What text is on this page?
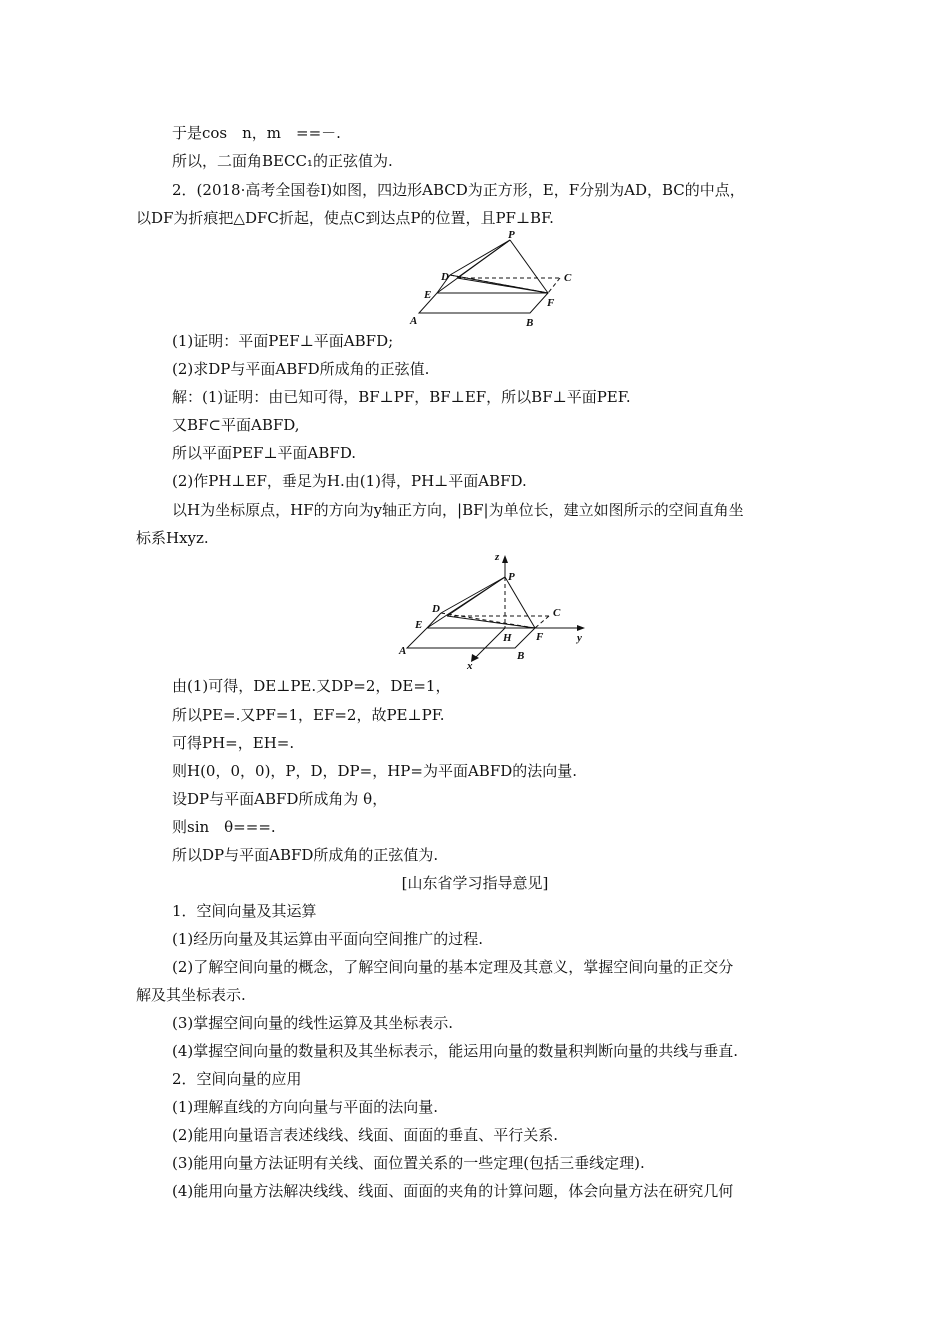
于是cos　n，m　==－.
所以，二面角BECC₁的正弦值为.
2．(2018·高考全国卷Ⅰ)如图，四边形ABCD为正方形，E，F分别为AD，BC的中点，
以DF为折痕把△DFC折起，使点C到达点P的位置，且PF⊥BF.
P
D	C
E
F
A	B
(1)证明：平面PEF⊥平面ABFD;
(2)求DP与平面ABFD所成角的正弦值.
解：(1)证明：由已知可得，BF⊥PF，BF⊥EF，所以BF⊥平面PEF.
又BF⊂平面ABFD,
所以平面PEF⊥平面ABFD.
(2)作PH⊥EF，垂足为H.由(1)得，PH⊥平面ABFD.
以H为坐标原点，HF的方向为y轴正方向，|BF|为单位长，建立如图所示的空间直角坐
标系Hxyz.
z
P
D	C
E
H F	y
A	B
x
由(1)可得，DE⊥PE.又DP=2，DE=1，
所以PE=.又PF=1，EF=2，故PE⊥PF.
可得PH=，EH=.
则H(0，0，0)，P，D，DP=，HP=为平面ABFD的法向量.
设DP与平面ABFD所成角为 θ，
则sin　θ===.
所以DP与平面ABFD所成角的正弦值为.
[山东省学习指导意见]
1．空间向量及其运算
(1)经历向量及其运算由平面向空间推广的过程.
(2)了解空间向量的概念，了解空间向量的基本定理及其意义，掌握空间向量的正交分
解及其坐标表示.
(3)掌握空间向量的线性运算及其坐标表示.
(4)掌握空间向量的数量积及其坐标表示，能运用向量的数量积判断向量的共线与垂直.
2．空间向量的应用
(1)理解直线的方向向量与平面的法向量.
(2)能用向量语言表述线线、线面、面面的垂直、平行关系.
(3)能用向量方法证明有关线、面位置关系的一些定理(包括三垂线定理).
(4)能用向量方法解决线线、线面、面面的夹角的计算问题，体会向量方法在研究几何
